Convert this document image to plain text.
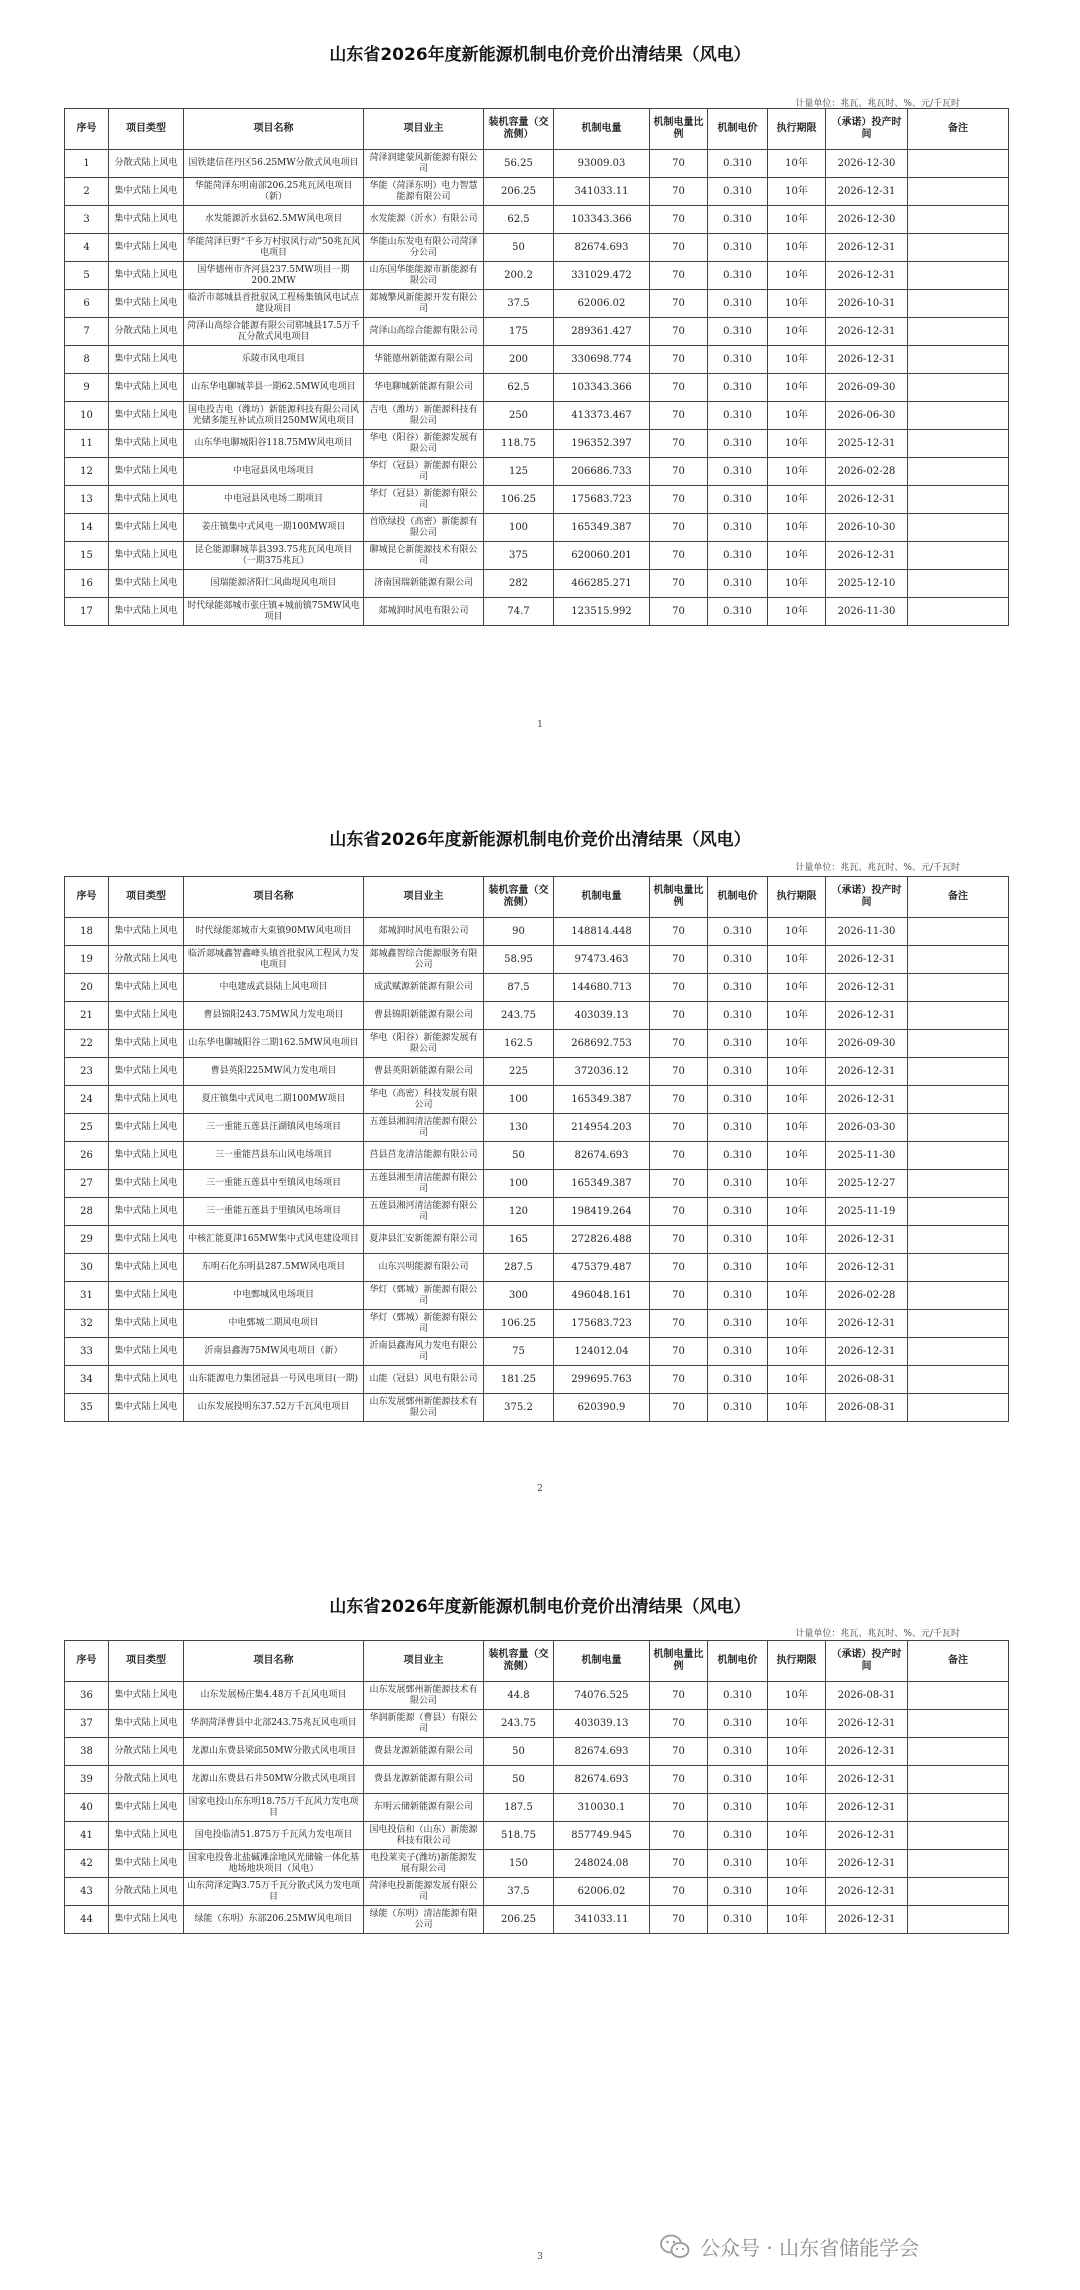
山东省2026年度新能源机制电价竞价出清结果（风电）
计量单位：兆瓦、兆瓦时、%、元/千瓦时
序号	项目类型	项目名称	项目业主	装机容量（交流侧）	机制电量	机制电量比例	机制电价	执行期限	（承诺）投产时间	备注
1	分散式陆上风电	国铁建信荏丹区56.25MW分散式风电项目	菏泽润建蒙风新能源有限公司	56.25	93009.03	70	0.310	10年	2026-12-30	
2	集中式陆上风电	华能菏泽东明南部206.25兆瓦风电项目（新）	华能（菏泽东明）电力智慧能源有限公司	206.25	341033.11	70	0.310	10年	2026-12-31	
3	集中式陆上风电	水发能源沂水县62.5MW风电项目	水发能源（沂水）有限公司	62.5	103343.366	70	0.310	10年	2026-12-30	
4	集中式陆上风电	华能菏泽巨野“千乡万村驭风行动”50兆瓦风电项目	华能山东发电有限公司菏泽分公司	50	82674.693	70	0.310	10年	2026-12-31	
5	集中式陆上风电	国华德州市齐河县237.5MW项目一期200.2MW	山东国华能能源市新能源有限公司	200.2	331029.472	70	0.310	10年	2026-12-31	
6	集中式陆上风电	临沂市郯城县首批驭风工程杨集镇风电试点建设项目	郯城擎风新能源开发有限公司	37.5	62006.02	70	0.310	10年	2026-10-31	
7	分散式陆上风电	菏泽山高综合能源有限公司郓城县17.5万千瓦分散式风电项目	菏泽山高综合能源有限公司	175	289361.427	70	0.310	10年	2026-12-31	
8	集中式陆上风电	乐陵市风电项目	华能德州新能源有限公司	200	330698.774	70	0.310	10年	2026-12-31	
9	集中式陆上风电	山东华电聊城莘县一期62.5MW风电项目	华电聊城新能源有限公司	62.5	103343.366	70	0.310	10年	2026-09-30	
10	集中式陆上风电	国电投吉电（潍坊）新能源科技有限公司风光储多能互补试点项目250MW风电项目	吉电（潍坊）新能源科技有限公司	250	413373.467	70	0.310	10年	2026-06-30	
11	集中式陆上风电	山东华电聊城阳谷118.75MW风电项目	华电（阳谷）新能源发展有限公司	118.75	196352.397	70	0.310	10年	2025-12-31	
12	集中式陆上风电	中电冠县风电场项目	华灯（冠县）新能源有限公司	125	206686.733	70	0.310	10年	2026-02-28	
13	集中式陆上风电	中电冠县风电场二期项目	华灯（冠县）新能源有限公司	106.25	175683.723	70	0.310	10年	2026-12-31	
14	集中式陆上风电	姜庄镇集中式风电一期100MW项目	首欣绿投（高密）新能源有限公司	100	165349.387	70	0.310	10年	2026-10-30	
15	集中式陆上风电	昆仑能源聊城莘县393.75兆瓦风电项目（一期375兆瓦）	聊城昆仑新能源技术有限公司	375	620060.201	70	0.310	10年	2026-12-31	
16	集中式陆上风电	国瑞能源济阳仁风曲堤风电项目	济南国瑞新能源有限公司	282	466285.271	70	0.310	10年	2025-12-10	
17	集中式陆上风电	时代绿能郯城市张庄镇+城前镇75MW风电项目	郯城润时风电有限公司	74.7	123515.992	70	0.310	10年	2026-11-30	
1
山东省2026年度新能源机制电价竞价出清结果（风电）
计量单位：兆瓦、兆瓦时、%、元/千瓦时
序号	项目类型	项目名称	项目业主	装机容量（交流侧）	机制电量	机制电量比例	机制电价	执行期限	（承诺）投产时间	备注
18	集中式陆上风电	时代绿能郯城市大束镇90MW风电项目	郯城润时风电有限公司	90	148814.448	70	0.310	10年	2026-11-30	
19	分散式陆上风电	临沂郯城鑫智鑫峰头镇首批驭风工程风力发电项目	郯城鑫智综合能源服务有限公司	58.95	97473.463	70	0.310	10年	2026-12-31	
20	集中式陆上风电	中电建成武县陆上风电项目	成武赋源新能源有限公司	87.5	144680.713	70	0.310	10年	2026-12-31	
21	集中式陆上风电	曹县锦阳243.75MW风力发电项目	曹县锦阳新能源有限公司	243.75	403039.13	70	0.310	10年	2026-12-31	
22	集中式陆上风电	山东华电聊城阳谷二期162.5MW风电项目	华电（阳谷）新能源发展有限公司	162.5	268692.753	70	0.310	10年	2026-09-30	
23	集中式陆上风电	曹县英阳225MW风力发电项目	曹县英阳新能源有限公司	225	372036.12	70	0.310	10年	2026-12-31	
24	集中式陆上风电	夏庄镇集中式风电二期100MW项目	华电（高密）科技发展有限公司	100	165349.387	70	0.310	10年	2026-12-31	
25	集中式陆上风电	三一重能五莲县汪湖镇风电场项目	五莲县湘润清洁能源有限公司	130	214954.203	70	0.310	10年	2026-03-30	
26	集中式陆上风电	三一重能莒县东山风电场项目	莒县莒龙清洁能源有限公司	50	82674.693	70	0.310	10年	2025-11-30	
27	集中式陆上风电	三一重能五莲县中至镇风电场项目	五莲县湘至清洁能源有限公司	100	165349.387	70	0.310	10年	2025-12-27	
28	集中式陆上风电	三一重能五莲县于里镇风电场项目	五莲县湘河清洁能源有限公司	120	198419.264	70	0.310	10年	2025-11-19	
29	集中式陆上风电	中核汇能夏津165MW集中式风电建设项目	夏津县汇安新能源有限公司	165	272826.488	70	0.310	10年	2026-12-31	
30	集中式陆上风电	东明石化东明县287.5MW风电项目	山东兴明能源有限公司	287.5	475379.487	70	0.310	10年	2026-12-31	
31	集中式陆上风电	中电鄄城风电场项目	华灯（鄄城）新能源有限公司	300	496048.161	70	0.310	10年	2026-02-28	
32	集中式陆上风电	中电鄄城二期风电项目	华灯（鄄城）新能源有限公司	106.25	175683.723	70	0.310	10年	2026-12-31	
33	集中式陆上风电	沂南县鑫海75MW风电项目（新）	沂南县鑫海风力发电有限公司	75	124012.04	70	0.310	10年	2026-12-31	
34	集中式陆上风电	山东能源电力集团冠县一号风电项目(一期)	山能（冠县）风电有限公司	181.25	299695.763	70	0.310	10年	2026-08-31	
35	集中式陆上风电	山东发展投明东37.52万千瓦风电项目	山东发展鄄州新能源技术有限公司	375.2	620390.9	70	0.310	10年	2026-08-31	
2
山东省2026年度新能源机制电价竞价出清结果（风电）
计量单位：兆瓦、兆瓦时、%、元/千瓦时
序号	项目类型	项目名称	项目业主	装机容量（交流侧）	机制电量	机制电量比例	机制电价	执行期限	（承诺）投产时间	备注
36	集中式陆上风电	山东发展杨庄集4.48万千瓦风电项目	山东发展鄄州新能源技术有限公司	44.8	74076.525	70	0.310	10年	2026-08-31	
37	集中式陆上风电	华润菏泽曹县中北部243.75兆瓦风电项目	华润新能源（曹县）有限公司	243.75	403039.13	70	0.310	10年	2026-12-31	
38	分散式陆上风电	龙源山东费县梁邱50MW分散式风电项目	费县龙源新能源有限公司	50	82674.693	70	0.310	10年	2026-12-31	
39	分散式陆上风电	龙源山东费县石井50MW分散式风电项目	费县龙源新能源有限公司	50	82674.693	70	0.310	10年	2026-12-31	
40	集中式陆上风电	国家电投山东东明18.75万千瓦风力发电项目	东明云储新能源有限公司	187.5	310030.1	70	0.310	10年	2026-12-31	
41	集中式陆上风电	国电投临清51.875万千瓦风力发电项目	国电投信和（山东）新能源科技有限公司	518.75	857749.945	70	0.310	10年	2026-12-31	
42	集中式陆上风电	国家电投鲁北盐碱滩涂地风光储输一体化基地场地块项目（风电）	电投莱夹子(潍坊)新能源发展有限公司	150	248024.08	70	0.310	10年	2026-12-31	
43	分散式陆上风电	山东菏泽定陶3.75万千瓦分散式风力发电项目	菏泽电投新能源发展有限公司	37.5	62006.02	70	0.310	10年	2026-12-31	
44	集中式陆上风电	绿能（东明）东部206.25MW风电项目	绿能（东明）清洁能源有限公司	206.25	341033.11	70	0.310	10年	2026-12-31	
3	公众号 · 山东省储能学会
